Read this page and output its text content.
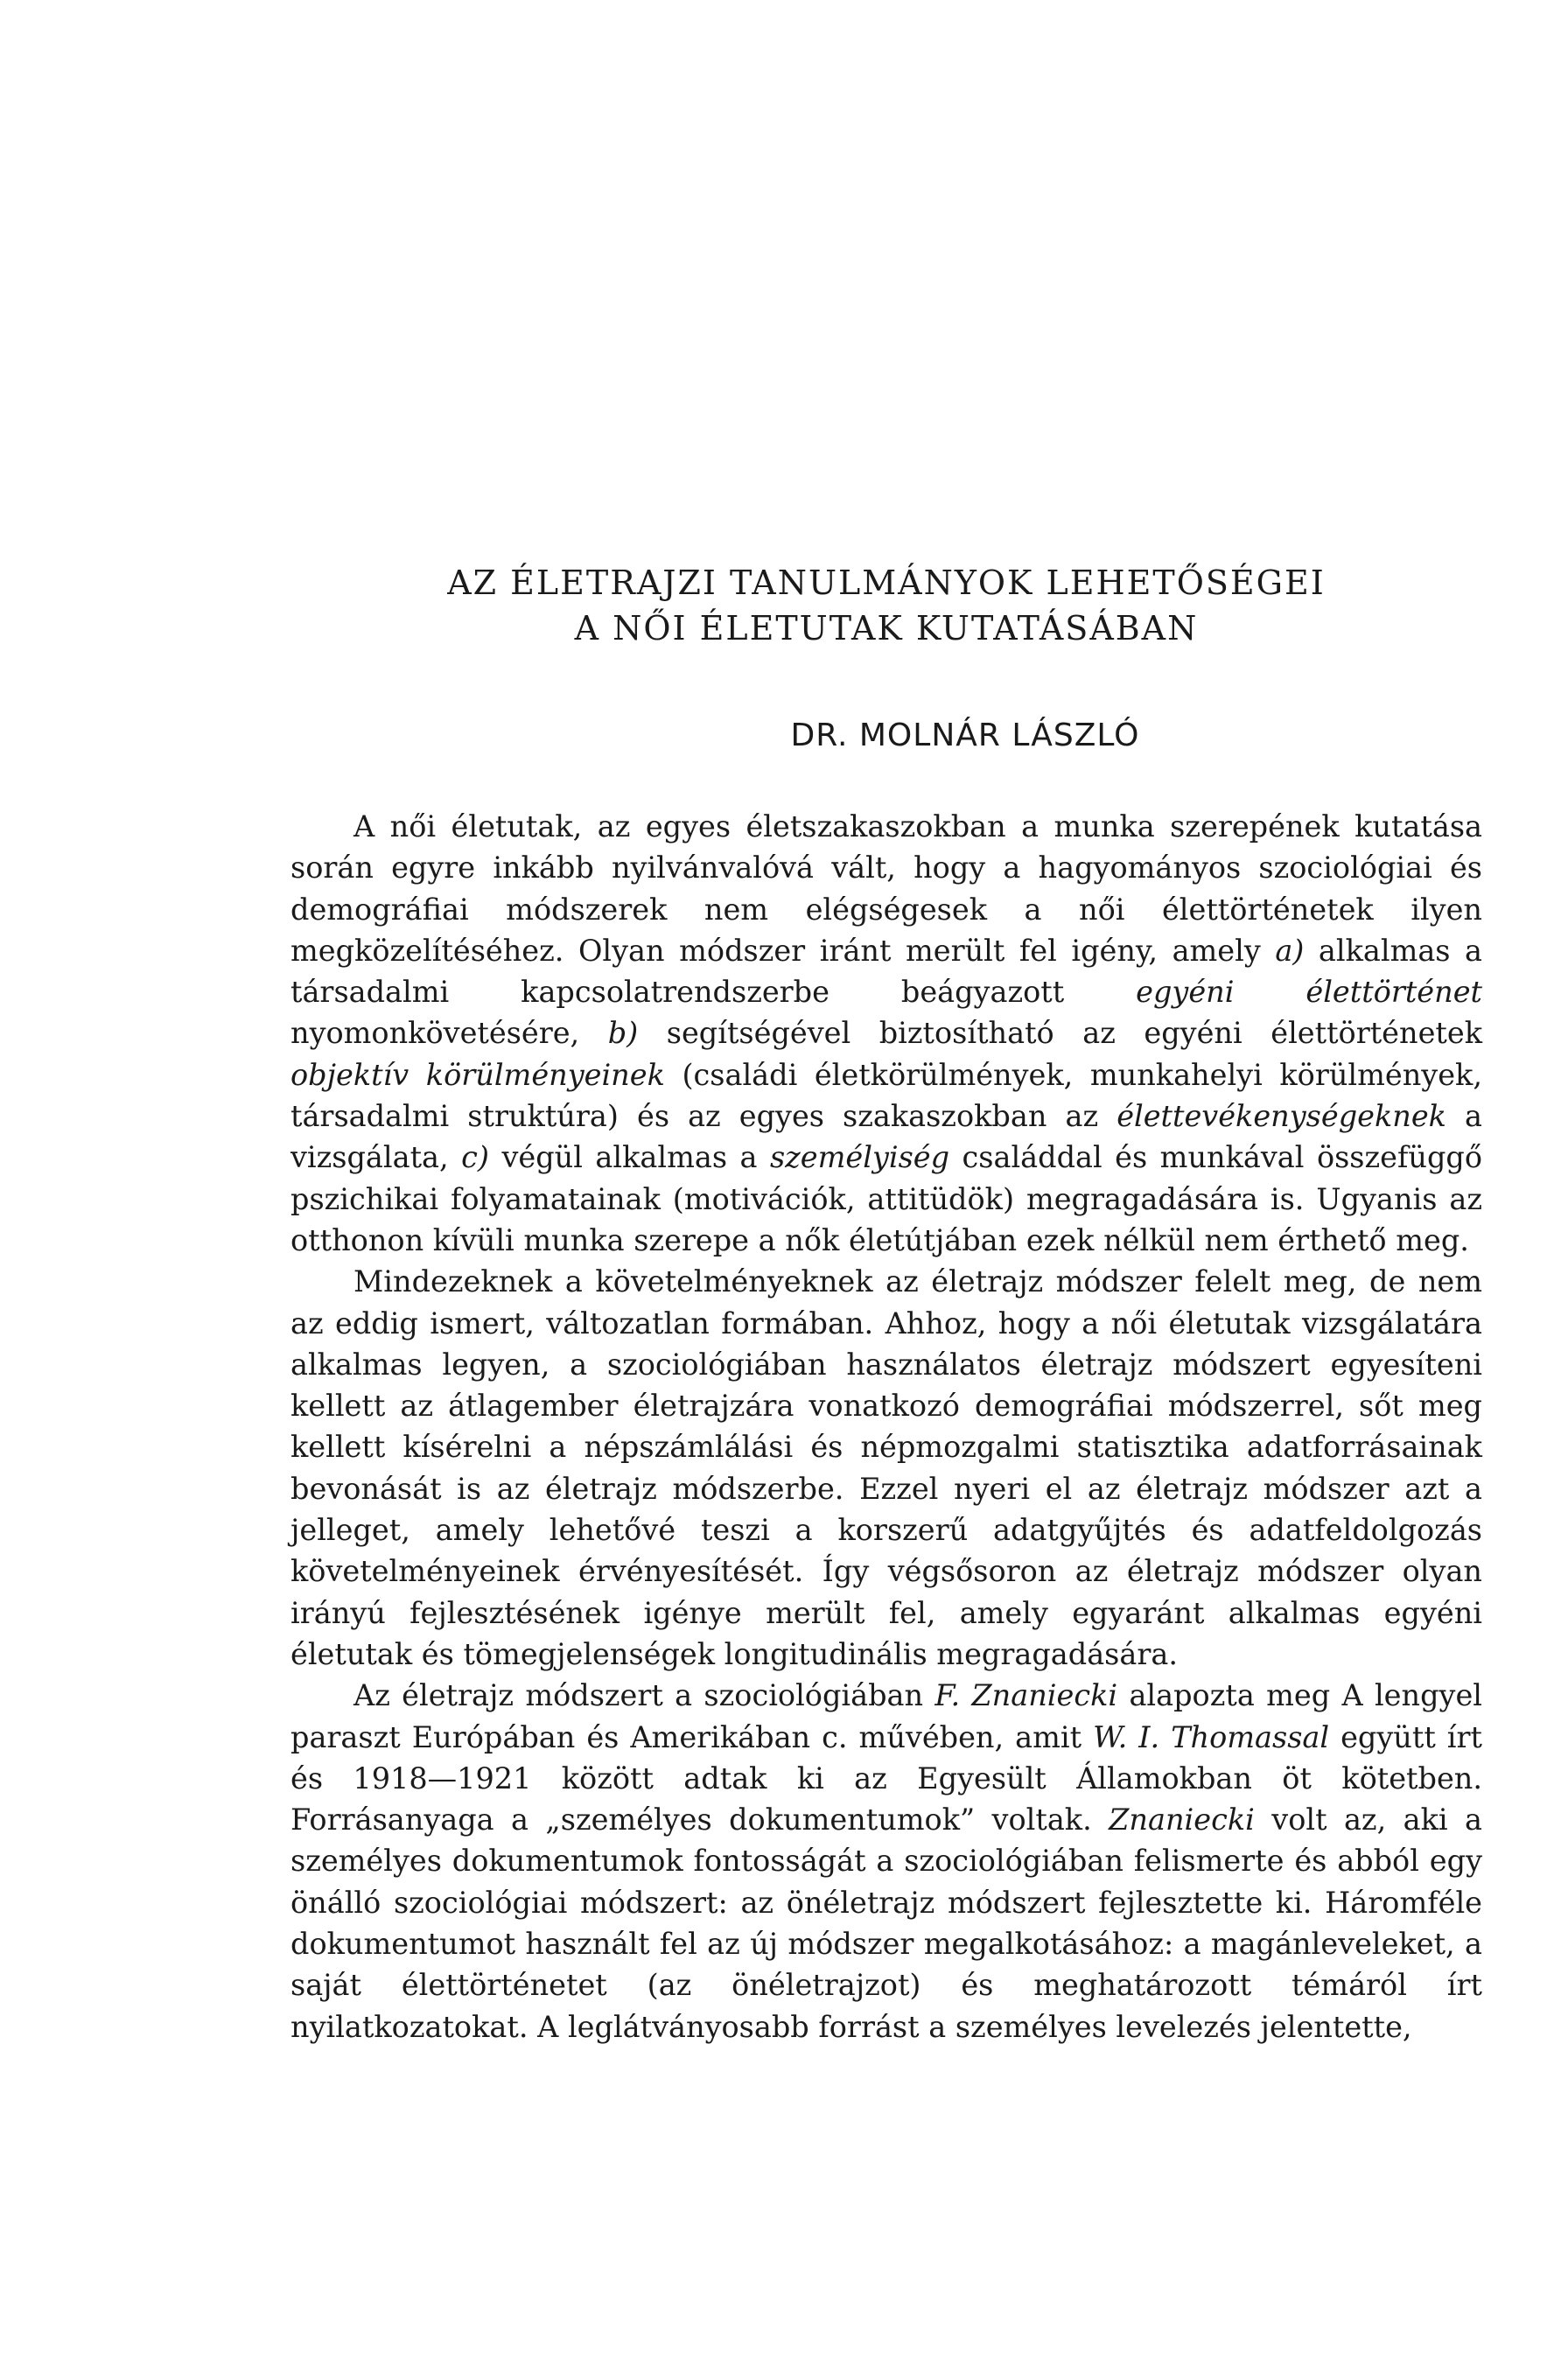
AZ ÉLETRAJZI TANULMÁNYOK LEHETŐSÉGEI
A NŐI ÉLETUTAK KUTATÁSÁBAN
DR. MOLNÁR LÁSZLÓ

A női életutak, az egyes életszakaszokban a munka szerepének kutatása során egyre inkább nyilvánvalóvá vált, hogy a hagyományos szociológiai és demográfiai módszerek nem elégségesek a női élettörténetek ilyen megközelítéséhez. Olyan módszer iránt merült fel igény, amely a) alkalmas a társadalmi kapcsolatrendszerbe beágyazott egyéni élettörténet nyomonkövetésére, b) segítségével biztosítható az egyéni élettörténetek objektív körülményeinek (családi életkörülmények, munkahelyi körülmények, társadalmi struktúra) és az egyes szakaszokban az élettevékenységeknek a vizsgálata, c) végül alkalmas a személyiség családdal és munkával összefüggő pszichikai folyamatainak (motivációk, attitüdök) megragadására is. Ugyanis az otthonon kívüli munka szerepe a nők életútjában ezek nélkül nem érthető meg.

Mindezeknek a követelményeknek az életrajz módszer felelt meg, de nem az eddig ismert, változatlan formában. Ahhoz, hogy a női életutak vizsgálatára alkalmas legyen, a szociológiában használatos életrajz módszert egyesíteni kellett az átlagember életrajzára vonatkozó demográfiai módszerrel, sőt meg kellett kísérelni a népszámlálási és népmozgalmi statisztika adatforrásainak bevonását is az életrajz módszerbe. Ezzel nyeri el az életrajz módszer azt a jelleget, amely lehetővé teszi a korszerű adatgyűjtés és adatfeldolgozás követelményeinek érvényesítését. Így végsősoron az életrajz módszer olyan irányú fejlesztésének igénye merült fel, amely egyaránt alkalmas egyéni életutak és tömegjelenségek longitudinális megragadására.

Az életrajz módszert a szociológiában F. Znaniecki alapozta meg A lengyel paraszt Európában és Amerikában c. művében, amit W. I. Thomassal együtt írt és 1918—1921 között adtak ki az Egyesült Államokban öt kötetben. Forrásanyaga a „személyes dokumentumok” voltak. Znaniecki volt az, aki a személyes dokumentumok fontosságát a szociológiában felismerte és abból egy önálló szociológiai módszert: az önéletrajz módszert fejlesztette ki. Háromféle dokumentumot használt fel az új módszer megalkotásához: a magánleveleket, a saját élettörténetet (az önéletrajzot) és meghatározott témáról írt nyilatkozatokat. A leglátványosabb forrást a személyes levelezés jelentette,
